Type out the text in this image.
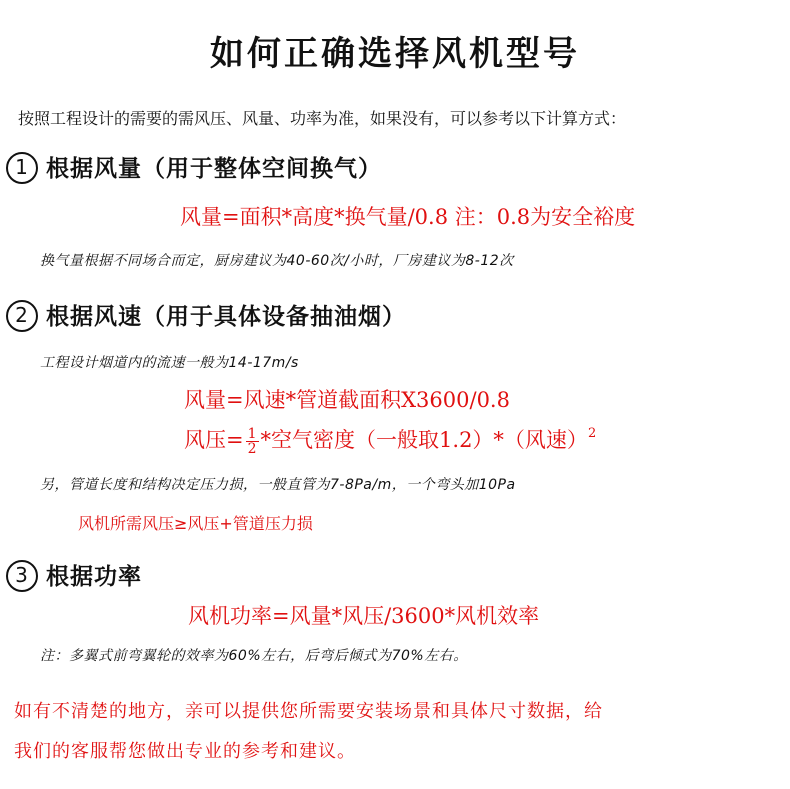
如何正确选择风机型号
按照工程设计的需要的需风压、风量、功率为准，如果没有，可以参考以下计算方式：
1 根据风量（用于整体空间换气）
风量=面积*高度*换气量/0.8 注：0.8为安全裕度
换气量根据不同场合而定，厨房建议为40-60次/小时，厂房建议为8-12次
2 根据风速（用于具体设备抽油烟）
工程设计烟道内的流速一般为14-17m/s
风量=风速*管道截面积X3600/0.8
风压= $\frac{1}{2}$ *空气密度（一般取1.2）*（风速）$^2$
另，管道长度和结构决定压力损，一般直管为7-8Pa/m，一个弯头加10Pa
风机所需风压≥风压+管道压力损
3 根据功率
风机功率=风量*风压/3600*风机效率
注：多翼式前弯翼轮的效率为60%左右，后弯后倾式为70%左右。
如有不清楚的地方，亲可以提供您所需要安装场景和具体尺寸数据，给
我们的客服帮您做出专业的参考和建议。
